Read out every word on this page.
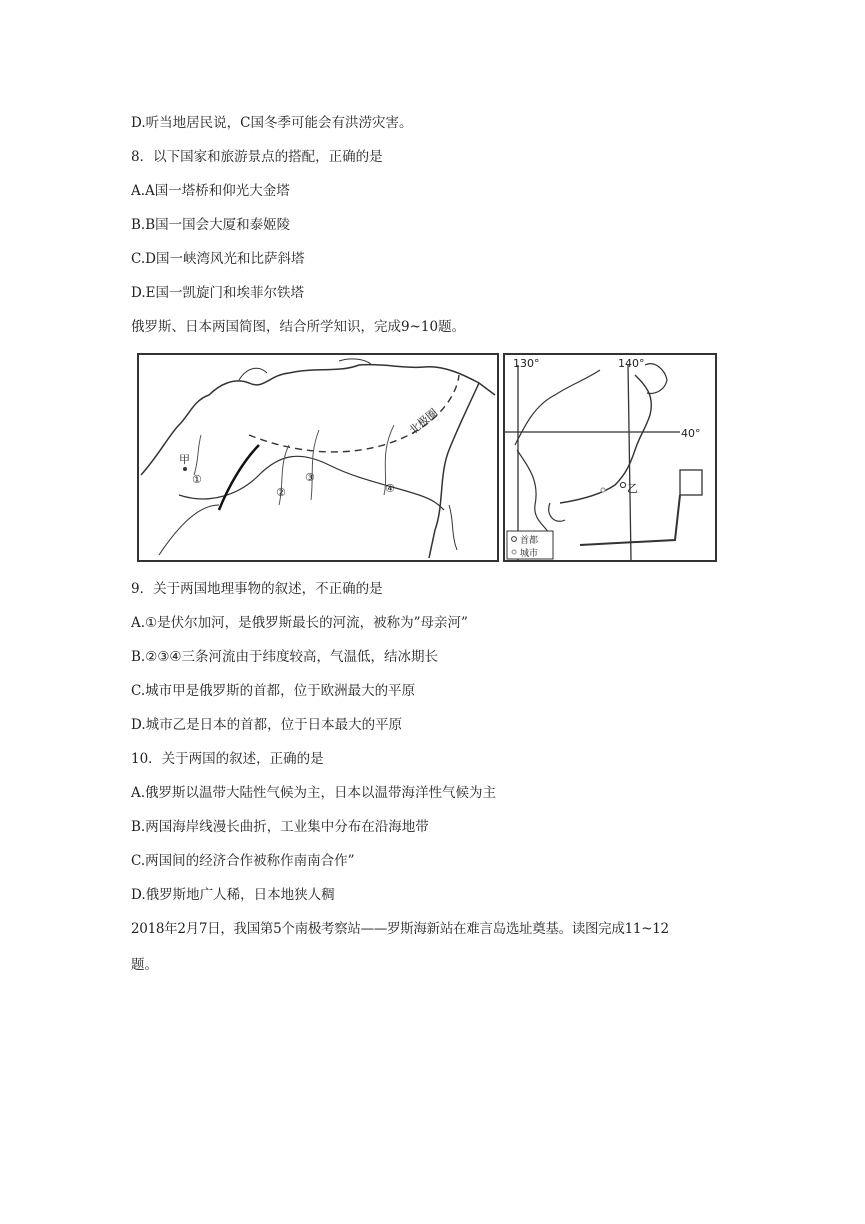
D.听当地居民说，C国冬季可能会有洪涝灾害。
8．以下国家和旅游景点的搭配，正确的是
A.A国一塔桥和仰光大金塔
B.B国一国会大厦和泰姬陵
C.D国一峡湾风光和比萨斜塔
D.E国一凯旋门和埃菲尔铁塔
俄罗斯、日本两国简图，结合所学知识，完成9~10题。
北极圈
甲
①
②
③
④
130°	140°
40°
乙
首都
城市
9．关于两国地理事物的叙述，不正确的是
A.①是伏尔加河，是俄罗斯最长的河流，被称为”母亲河”
B.②③④三条河流由于纬度较高，气温低，结冰期长
C.城市甲是俄罗斯的首都，位于欧洲最大的平原
D.城市乙是日本的首都，位于日本最大的平原
10．关于两国的叙述，正确的是
A.俄罗斯以温带大陆性气候为主，日本以温带海洋性气候为主
B.两国海岸线漫长曲折，工业集中分布在沿海地带
C.两国间的经济合作被称作南南合作”
D.俄罗斯地广人稀，日本地狭人稠
2018年2月7日，我国第5个南极考察站——罗斯海新站在难言岛选址奠基。读图完成11~12
题。
